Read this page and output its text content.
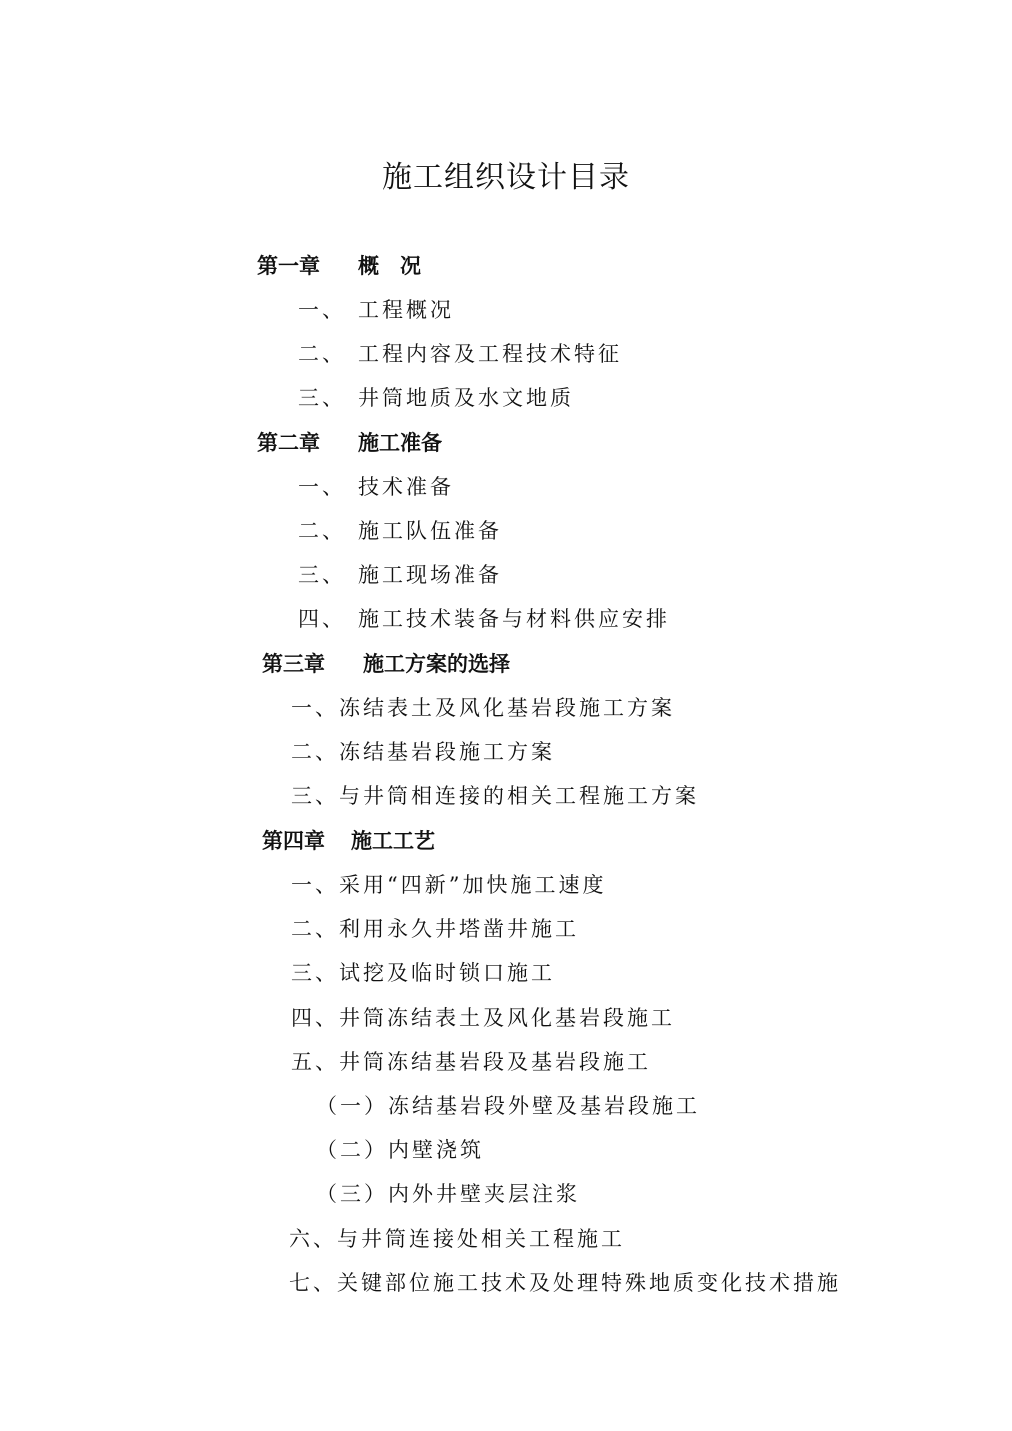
施工组织设计目录
第一章 概　况
一、 工程概况
二、 工程内容及工程技术特征
三、 井筒地质及水文地质
第二章 施工准备
一、 技术准备
二、 施工队伍准备
三、 施工现场准备
四、 施工技术装备与材料供应安排
第三章 施工方案的选择
一、冻结表土及风化基岩段施工方案
二、冻结基岩段施工方案
三、与井筒相连接的相关工程施工方案
第四章 施工工艺
一、采用“四新”加快施工速度
二、利用永久井塔凿井施工
三、试挖及临时锁口施工
四、井筒冻结表土及风化基岩段施工
五、井筒冻结基岩段及基岩段施工
（一）冻结基岩段外壁及基岩段施工
（二）内壁浇筑
（三）内外井壁夹层注浆
六、与井筒连接处相关工程施工
七、关键部位施工技术及处理特殊地质变化技术措施
